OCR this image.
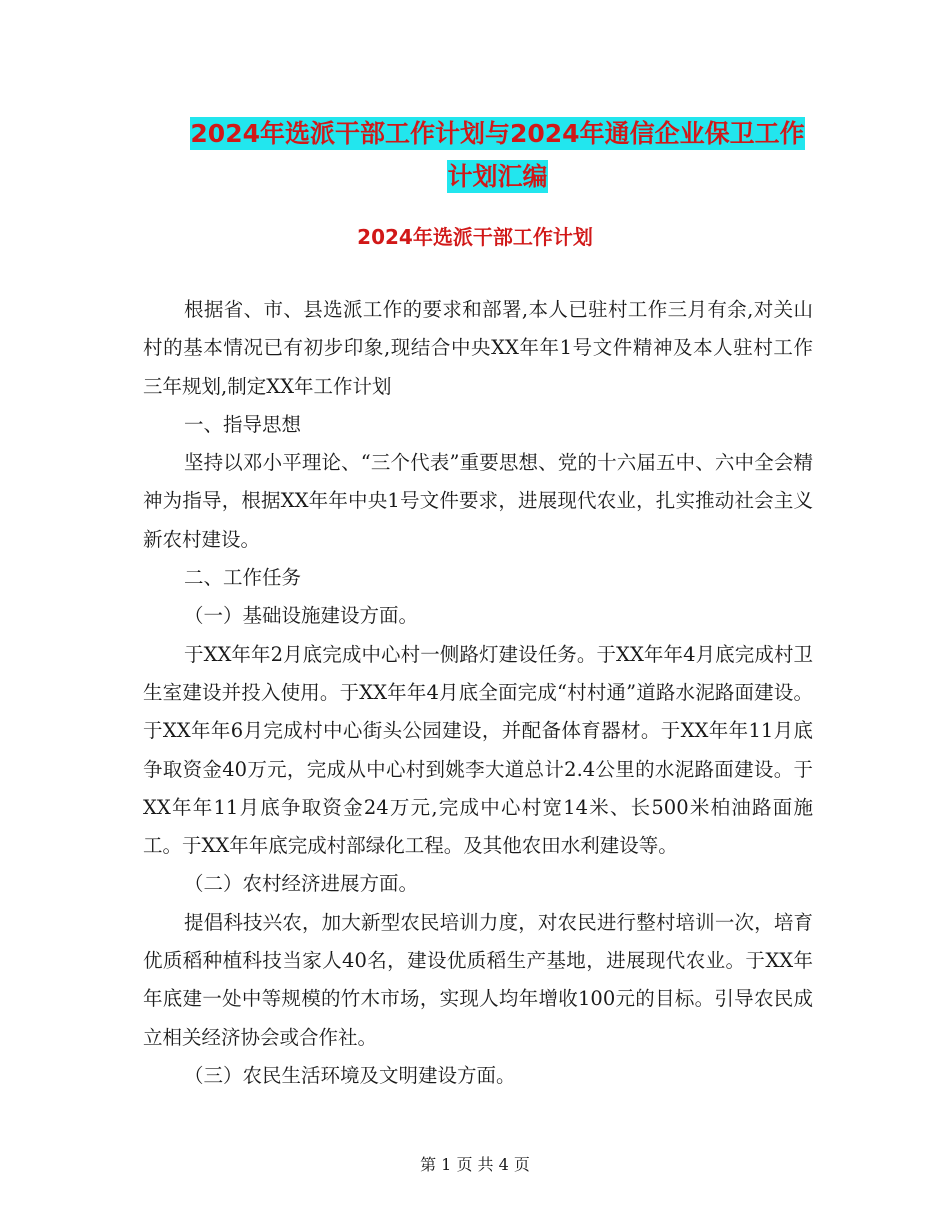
2024年选派干部工作计划与2024年通信企业保卫工作
计划汇编
2024年选派干部工作计划

根据省、市、县选派工作的要求和部署,本人已驻村工作三月有余,对关山村的基本情况已有初步印象,现结合中央XX年年1号文件精神及本人驻村工作三年规划,制定XX年工作计划

一、指导思想

坚持以邓小平理论、“三个代表”重要思想、党的十六届五中、六中全会精神为指导，根据XX年年中央1号文件要求，进展现代农业，扎实推动社会主义新农村建设。

二、工作任务

（一）基础设施建设方面。

于XX年年2月底完成中心村一侧路灯建设任务。于XX年年4月底完成村卫生室建设并投入使用。于XX年年4月底全面完成“村村通”道路水泥路面建设。于XX年年6月完成村中心街头公园建设，并配备体育器材。于XX年年11月底争取资金40万元，完成从中心村到姚李大道总计2.4公里的水泥路面建设。于XX年年11月底争取资金24万元,完成中心村宽14米、长500米柏油路面施工。于XX年年底完成村部绿化工程。及其他农田水利建设等。

（二）农村经济进展方面。

提倡科技兴农，加大新型农民培训力度，对农民进行整村培训一次，培育优质稻种植科技当家人40名，建设优质稻生产基地，进展现代农业。于XX年年底建一处中等规模的竹木市场，实现人均年增收100元的目标。引导农民成立相关经济协会或合作社。

（三）农民生活环境及文明建设方面。

第 1 页 共 4 页
